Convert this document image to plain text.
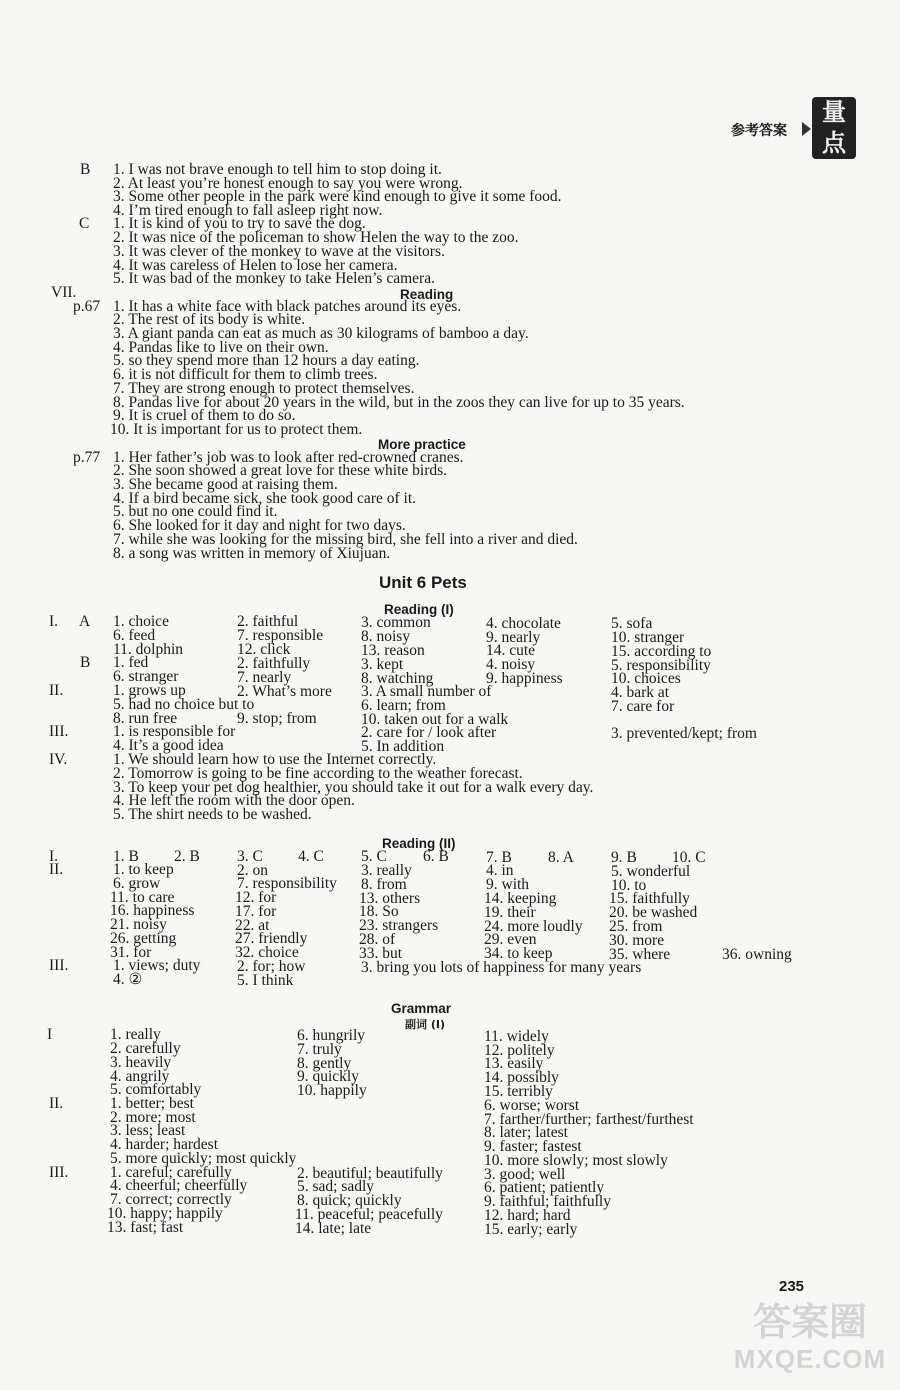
参考答案
量
点
B 1. I was not brave enough to tell him to stop doing it.
2. At least you’re honest enough to say you were wrong.
3. Some other people in the park were kind enough to give it some food.
4. I’m tired enough to fall asleep right now.
C 1. It is kind of you to try to save the dog.
2. It was nice of the policeman to show Helen the way to the zoo.
3. It was clever of the monkey to wave at the visitors.
4. It was careless of Helen to lose her camera.
5. It was bad of the monkey to take Helen’s camera.
VII.
p.67 1. It has a white face with black patches around its eyes.
2. The rest of its body is white.
3. A giant panda can eat as much as 30 kilograms of bamboo a day.
4. Pandas like to live on their own.
5. so they spend more than 12 hours a day eating.
6. it is not difficult for them to climb trees.
7. They are strong enough to protect themselves.
8. Pandas live for about 20 years in the wild, but in the zoos they can live for up to 35 years.
9. It is cruel of them to do so.
10. It is important for us to protect them.
p.77 1. Her father’s job was to look after red-crowned cranes.
2. She soon showed a great love for these white birds.
3. She became good at raising them.
4. If a bird became sick, she took good care of it.
5. but no one could find it.
6. She looked for it day and night for two days.
7. while she was looking for the missing bird, she fell into a river and died.
8. a song was written in memory of Xiujuan.
I. A 1. choice	2. faithful	3. common	4. chocolate	5. sofa
6. feed	7. responsible 8. noisy	9. nearly	10. stranger
11. dolphin	12. click	13. reason	14. cute	15. according to
B 1. fed	2. faithfully	3. kept	4. noisy	5. responsibility
6. stranger	7. nearly	8. watching	9. happiness	10. choices
II.	1. grows up	2. What’s more 3. A small number of	4. bark at
5. had no choice but to	6. learn; from	7. care for
8. run free	9. stop; from	10. taken out for a walk
III.	1. is responsible for	2. care for / look after	3. prevented/kept; from
4. It’s a good idea	5. In addition
IV.	1. We should learn how to use the Internet correctly.
2. Tomorrow is going to be fine according to the weather forecast.
3. To keep your pet dog healthier, you should take it out for a walk every day.
4. He left the room with the door open.
5. The shirt needs to be washed.
I.	1. B 2. B 3. C 4. C 5. C 6. B 7. B 8. A 9. B 10. C
II.	1. to keep	2. on	3. really	4. in	5. wonderful
6. grow	7. responsibility 8. from	9. with	10. to
11. to care	12. for	13. others	14. keeping	15. faithfully
16. happiness	17. for	18. So	19. their	20. be washed
21. noisy	22. at	23. strangers	24. more loudly 25. from
26. getting	27. friendly	28. of	29. even	30. more
31. for	32. choice	33. but	34. to keep	35. where	36. owning
III.	1. views; duty 2. for; how	3. bring you lots of happiness for many years
4. ②	5. I think
I	1. really	6. hungrily	11. widely
2. carefully	7. truly	12. politely
3. heavily	8. gently	13. easily
4. angrily	9. quickly	14. possibly
5. comfortably	10. happily	15. terribly
II.	1. better; best	6. worse; worst
2. more; most	7. farther/further; farthest/furthest
3. less; least	8. later; latest
4. harder; hardest	9. faster; fastest
5. more quickly; most quickly	10. more slowly; most slowly
III.	1. careful; carefully	2. beautiful; beautifully	3. good; well
4. cheerful; cheerfully	5. sad; sadly	6. patient; patiently
7. correct; correctly	8. quick; quickly	9. faithful; faithfully
10. happy; happily	11. peaceful; peacefully	12. hard; hard
13. fast; fast	14. late; late	15. early; early
Reading
More practice
Unit 6 Pets
Reading (I)
Reading (II)
Grammar
副词 (I)
235
答案圈
MXQE.COM
